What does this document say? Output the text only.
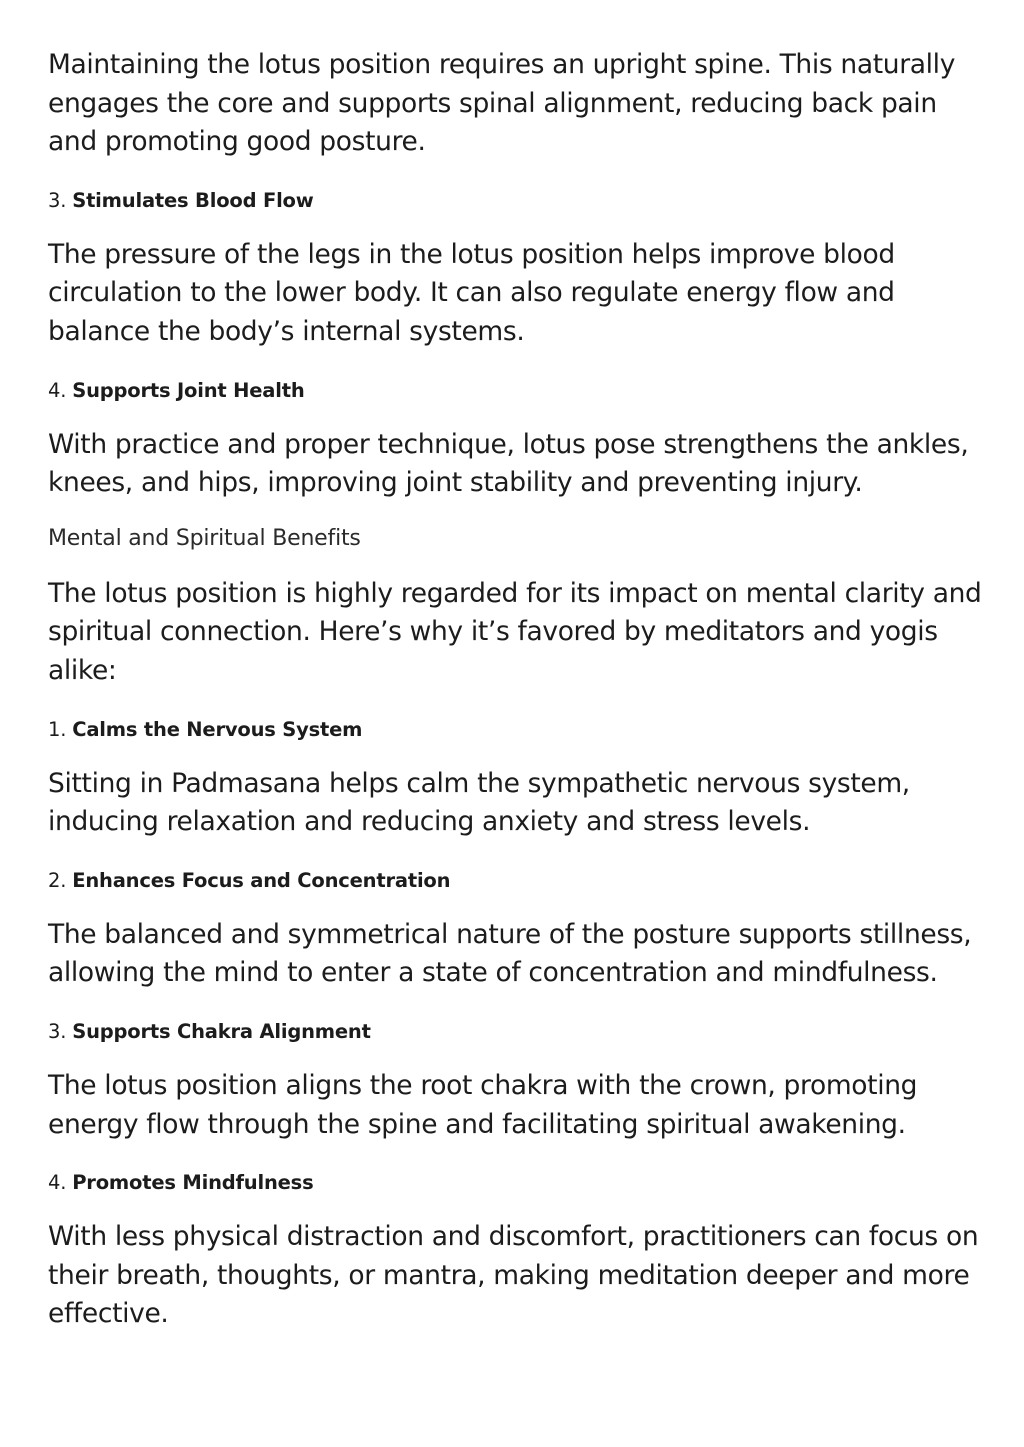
Maintaining the lotus position requires an upright spine. This naturally engages the core and supports spinal alignment, reducing back pain and promoting good posture.

3. Stimulates Blood Flow

The pressure of the legs in the lotus position helps improve blood circulation to the lower body. It can also regulate energy flow and balance the body’s internal systems.

4. Supports Joint Health

With practice and proper technique, lotus pose strengthens the ankles, knees, and hips, improving joint stability and preventing injury.

Mental and Spiritual Benefits

The lotus position is highly regarded for its impact on mental clarity and spiritual connection. Here’s why it’s favored by meditators and yogis alike:

1. Calms the Nervous System

Sitting in Padmasana helps calm the sympathetic nervous system, inducing relaxation and reducing anxiety and stress levels.

2. Enhances Focus and Concentration

The balanced and symmetrical nature of the posture supports stillness, allowing the mind to enter a state of concentration and mindfulness.

3. Supports Chakra Alignment

The lotus position aligns the root chakra with the crown, promoting energy flow through the spine and facilitating spiritual awakening.

4. Promotes Mindfulness

With less physical distraction and discomfort, practitioners can focus on their breath, thoughts, or mantra, making meditation deeper and more effective.
